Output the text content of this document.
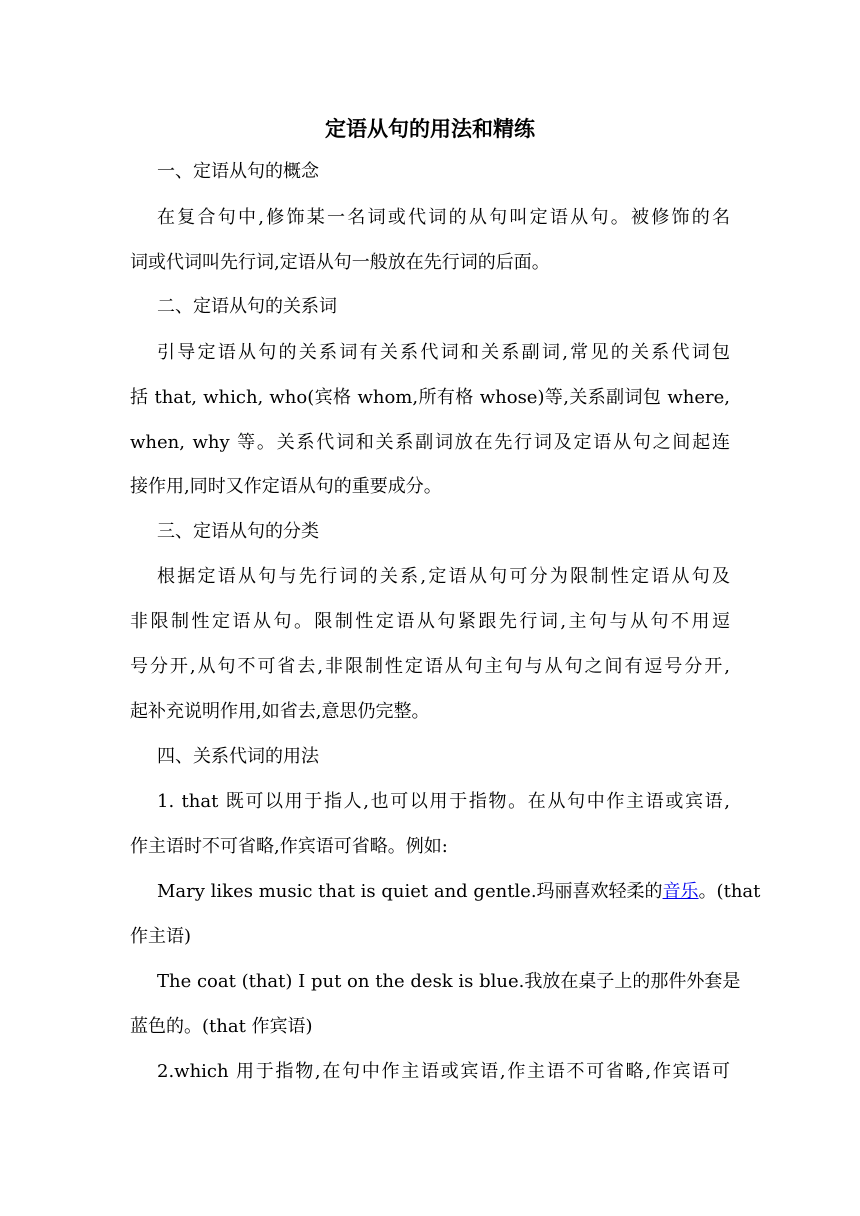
定语从句的用法和精练
一、定语从句的概念
在复合句中,修饰某一名词或代词的从句叫定语从句。被修饰的名
词或代词叫先行词,定语从句一般放在先行词的后面。
二、定语从句的关系词
引导定语从句的关系词有关系代词和关系副词,常见的关系代词包
括 that, which, who(宾格 whom,所有格 whose)等,关系副词包 where,
when, why 等。关系代词和关系副词放在先行词及定语从句之间起连
接作用,同时又作定语从句的重要成分。
三、定语从句的分类
根据定语从句与先行词的关系,定语从句可分为限制性定语从句及
非限制性定语从句。限制性定语从句紧跟先行词,主句与从句不用逗
号分开,从句不可省去,非限制性定语从句主句与从句之间有逗号分开,
起补充说明作用,如省去,意思仍完整。
四、关系代词的用法
1. that 既可以用于指人,也可以用于指物。在从句中作主语或宾语,
作主语时不可省略,作宾语可省略。例如:
Mary likes music that is quiet and gentle.玛丽喜欢轻柔的音乐。(that
作主语)
The coat (that) I put on the desk is blue.我放在桌子上的那件外套是
蓝色的。(that 作宾语)
2.which 用于指物,在句中作主语或宾语,作主语不可省略,作宾语可
